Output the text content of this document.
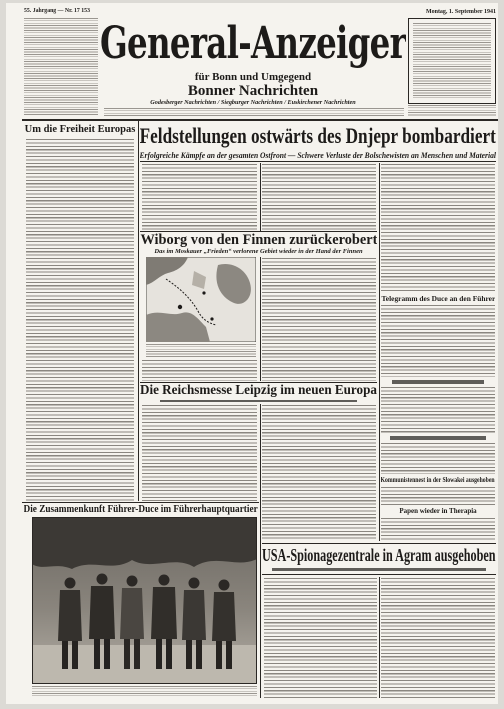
55. Jahrgang — Nr. 17 153
General-Anzeiger
für Bonn und Umgegend
Bonner Nachrichten
Godesberger Nachrichten / Siegburger Nachrichten / Euskirchener Nachrichten
Montag, 1. September 1941
Um die Freiheit Europas Feldstellungen ostwärts des Dnjepr bombardiert
Erfolgreiche Kämpfe an der gesamten Ostfront — Schwere Verluste der Bolschewisten an Menschen und Material
Telegramm des Duce an den Führer
Kommunistennest in der Slowakei ausgehoben
Papen wieder in Therapia
Wiborg von den Finnen zurückerobert
Das im Moskauer „Frieden“ verlorene Gebiet wieder in der Hand der Finnen
Die Reichsmesse Leipzig im neuen Europa
Die Zusammenkunft Führer-Duce im Führerhauptquartier
USA-Spionagezentrale in Agram ausgehoben
